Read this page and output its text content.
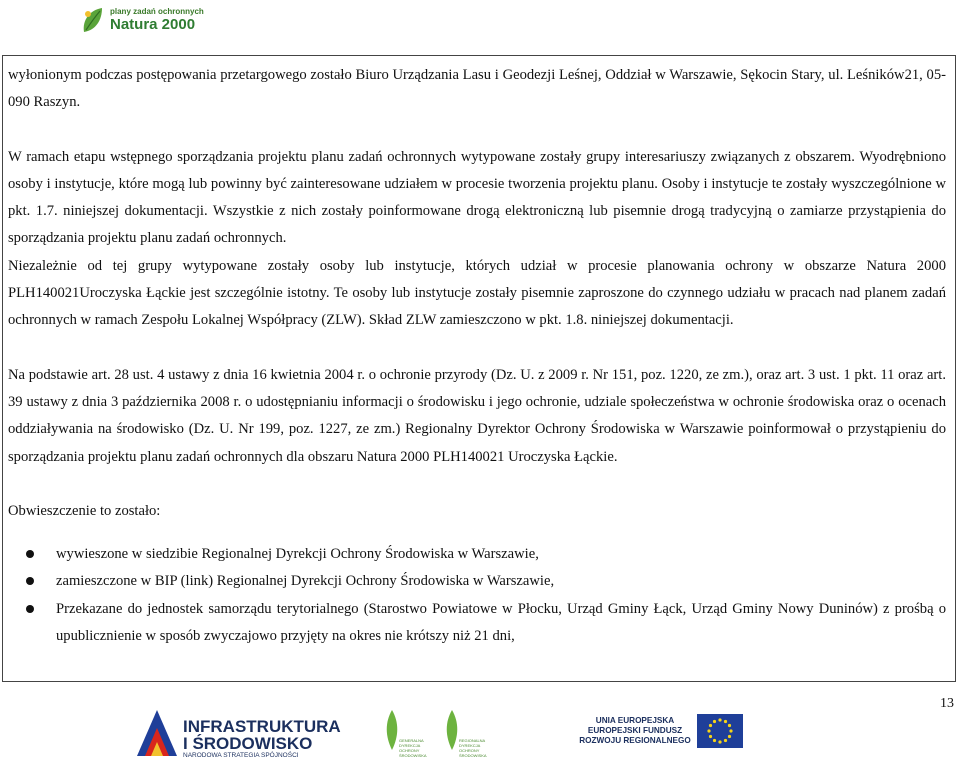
plany zadań ochronnych
Natura 2000

wyłonionym podczas postępowania przetargowego zostało Biuro Urządzania Lasu i Geodezji Leśnej, Oddział w Warszawie, Sękocin Stary, ul. Leśników21, 05-090 Raszyn.

W ramach etapu wstępnego sporządzania projektu planu zadań ochronnych wytypowane zostały grupy interesariuszy związanych z obszarem. Wyodrębniono osoby i instytucje, które mogą lub powinny być zainteresowane udziałem w procesie tworzenia projektu planu. Osoby i instytucje te zostały wyszczególnione w pkt. 1.7. niniejszej dokumentacji. Wszystkie z nich zostały poinformowane drogą elektroniczną lub pisemnie drogą tradycyjną o zamiarze przystąpienia do sporządzania projektu planu zadań ochronnych.

Niezależnie od tej grupy wytypowane zostały osoby lub instytucje, których udział w procesie planowania ochrony w obszarze Natura 2000 PLH140021Uroczyska Łąckie jest szczególnie istotny. Te osoby lub instytucje zostały pisemnie zaproszone do czynnego udziału w pracach nad planem zadań ochronnych w ramach Zespołu Lokalnej Współpracy (ZLW). Skład ZLW zamieszczono w pkt. 1.8. niniejszej dokumentacji.

Na podstawie art. 28 ust. 4 ustawy z dnia 16 kwietnia 2004 r. o ochronie przyrody (Dz. U. z 2009 r. Nr 151, poz. 1220, ze zm.), oraz art. 3 ust. 1 pkt. 11 oraz art. 39 ustawy z dnia 3 października 2008 r. o udostępnianiu informacji o środowisku i jego ochronie, udziale społeczeństwa w ochronie środowiska oraz o ocenach oddziaływania na środowisko (Dz. U. Nr 199, poz. 1227, ze zm.) Regionalny Dyrektor Ochrony Środowiska w Warszawie poinformował o przystąpieniu do sporządzania projektu planu zadań ochronnych dla obszaru Natura 2000 PLH140021 Uroczyska Łąckie.

Obwieszczenie to zostało:

wywieszone w siedzibie Regionalnej Dyrekcji Ochrony Środowiska w Warszawie,
zamieszczone w BIP (link) Regionalnej Dyrekcji Ochrony Środowiska w Warszawie,
Przekazane do jednostek samorządu terytorialnego (Starostwo Powiatowe w Płocku, Urząd Gminy Łąck, Urząd Gminy Nowy Duninów) z prośbą o upublicznienie w sposób zwyczajowo przyjęty na okres nie krótszy niż 21 dni,
13
INFRASTRUKTURA
I ŚRODOWISKO
NARODOWA STRATEGIA SPÓJNOŚCI
GENERALNA
DYREKCJA
OCHRONY
ŚRODOWISKA
REGIONALNA
DYREKCJA
OCHRONY
ŚRODOWISKA
UNIA EUROPEJSKA
EUROPEJSKI FUNDUSZ
ROZWOJU REGIONALNEGO
